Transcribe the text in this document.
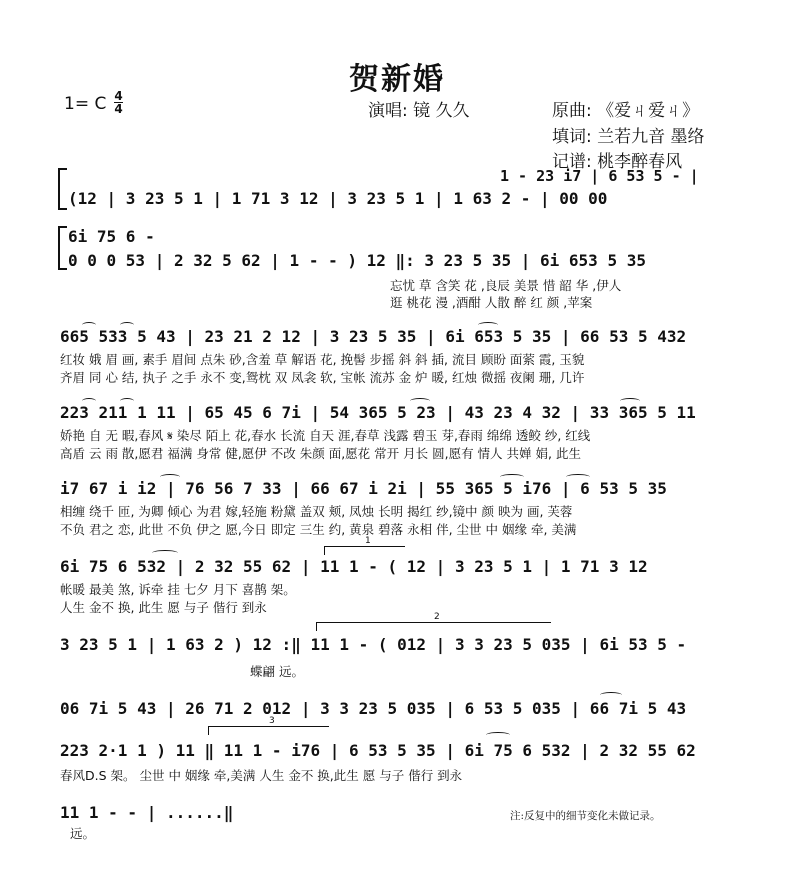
贺新婚
1= C 4
4	演唱: 镜 久久	原曲: 《爱ㄐ爱ㄐ》
填词: 兰若九音 墨络
记谱: 桃李醉春风
1 - 23 i7 | 6 53 5 - |
(12 | 3 23 5 1 | 1 71 3 12 | 3 23 5 1 | 1 63 2 - | 00 00
6i 75 6 -
0 0 0 53 | 2 32 5 62 | 1 - - ) 12 ‖: 3 23 5 35 | 6i 653 5 35
忘忧 草 含笑 花 ,良辰 美景 惜 韶 华 ,伊人
逛 桃花 漫 ,酒酣 人散 醉 红 颜 ,苹案
665 533 5 43 | 23 21 2 12 | 3 23 5 35 | 6i 653 5 35 | 66 53 5 432
红妆 娥 眉 画, 素手 眉间 点朱 砂,含羞 草 解语 花, 挽髻 步摇 斜 斜 插, 流目 顾盼 面萦 霞, 玉貌
齐眉 同 心 结, 执子 之手 永不 变,鸳枕 双 凤衾 软, 宝帐 流苏 金 炉 暖, 红烛 微摇 夜阑 珊, 几许
223 211 1 11 | 65 45 6 7i | 54 365 5 23 | 43 23 4 32 | 33 365 5 11
娇艳 自 无 暇,春风 𝄋 染尽 陌上 花,春水 长流 自天 涯,春草 浅露 碧玉 芽,春雨 绵绵 透鲛 纱, 红线
高盾 云 雨 散,愿君 福满 身常 健,愿伊 不改 朱颜 面,愿花 常开 月长 圆,愿有 情人 共婵 娟, 此生
i7 67 i i2 | 76 56 7 33 | 66 67 i 2i | 55 365 5 i76 | 6 53 5 35
相缠 绕千 匝, 为卿 倾心 为君 嫁,轻施 粉黛 盖双 颊, 凤烛 长明 揭红 纱,镜中 颜 映为 画, 芙蓉
不负 君之 恋, 此世 不负 伊之 愿,今日 即定 三生 约, 黄泉 碧落 永相 伴, 尘世 中 姻缘 牵, 美满
1
6i 75 6 532 | 2 32 55 62 | 11 1 - ( 12 | 3 23 5 1 | 1 71 3 12
帐暖 最美 煞, 诉牵 挂 七夕 月下 喜鹊 架。
人生 金不 换, 此生 愿 与子 偕行 到永
2
3 23 5 1 | 1 63 2 ) 12 :‖ 11 1 - ( 012 | 3 3 23 5 035 | 6i 53 5 -
蝶翩 远。
06 7i 5 43 | 26 71 2 012 | 3 3 23 5 035 | 6 53 5 035 | 66 7i 5 43
3
223 2·1 1 ) 11 ‖ 11 1 - i76 | 6 53 5 35 | 6i 75 6 532 | 2 32 55 62
春风D.S 架。 尘世 中 姻缘 牵,美满 人生 金不 换,此生 愿 与子 偕行 到永
11 1 - - | ......‖
远。
注:反复中的细节变化未做记录。
